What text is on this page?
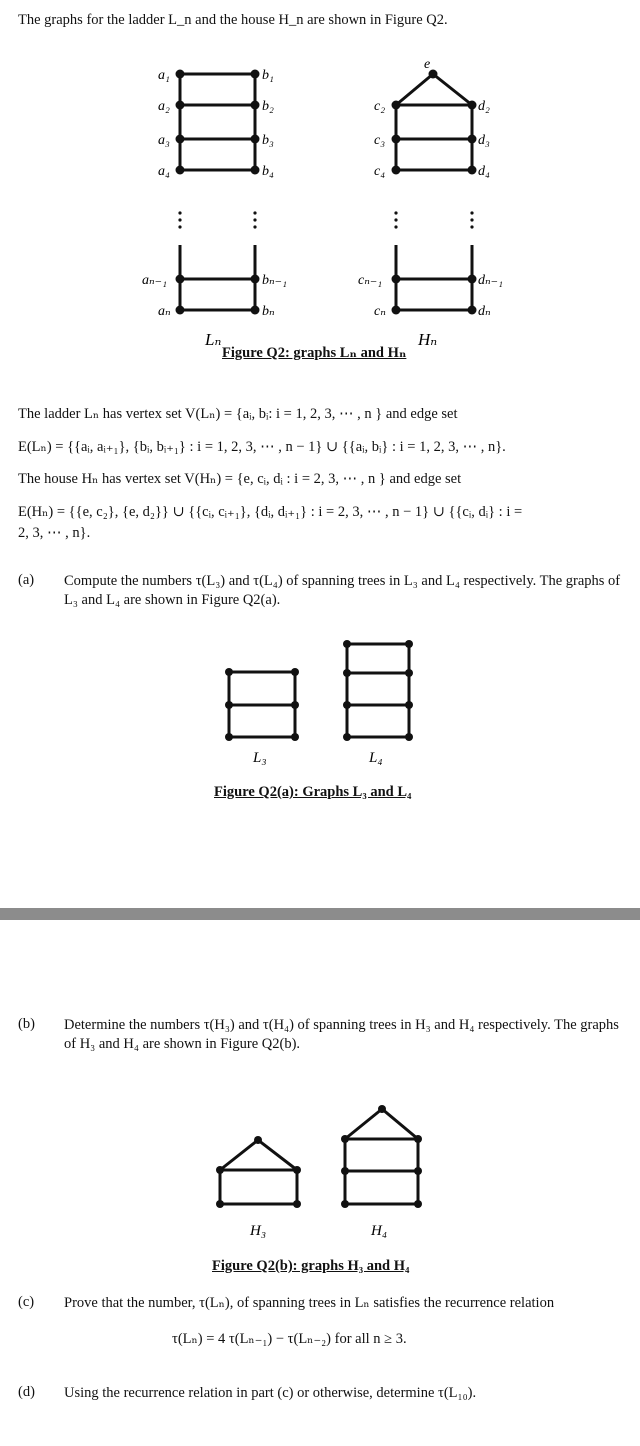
The graphs for the ladder L_n and the house H_n are shown in Figure Q2.
a₁
a₂
a₃
a₄
aₙ₋₁
aₙ
b₁
b₂
b₃
b₄
bₙ₋₁
bₙ
e
c₂
c₃
c₄
cₙ₋₁
cₙ
d₂
d₃
d₄
dₙ₋₁
dₙ
Lₙ	Hₙ
Figure Q2: graphs Lₙ and Hₙ
The ladder Lₙ has vertex set V(Lₙ) = {aᵢ, bᵢ: i = 1, 2, 3, ⋯ , n } and edge set
E(Lₙ) = {{aᵢ, aᵢ₊₁}, {bᵢ, bᵢ₊₁} : i = 1, 2, 3, ⋯ , n − 1} ∪ {{aᵢ, bᵢ} : i = 1, 2, 3, ⋯ , n}.
The house Hₙ has vertex set V(Hₙ) = {e, cᵢ, dᵢ : i = 2, 3, ⋯ , n } and edge set
E(Hₙ) = {{e, c₂}, {e, d₂}} ∪ {{cᵢ, cᵢ₊₁}, {dᵢ, dᵢ₊₁} : i = 2, 3, ⋯ , n − 1} ∪ {{cᵢ, dᵢ} : i =
2, 3, ⋯ , n}.
(a) Compute the numbers τ(L₃) and τ(L₄) of spanning trees in L₃ and L₄ respectively. The graphs of L₃ and L₄ are shown in Figure Q2(a).
L₃	L₄
Figure Q2(a): Graphs L₃ and L₄
(b) Determine the numbers τ(H₃) and τ(H₄) of spanning trees in H₃ and H₄ respectively. The graphs of H₃ and H₄ are shown in Figure Q2(b).
H₃	H₄
Figure Q2(b): graphs H₃ and H₄
(c) Prove that the number, τ(Lₙ), of spanning trees in Lₙ satisfies the recurrence relation
τ(Lₙ) = 4 τ(Lₙ₋₁) − τ(Lₙ₋₂) for all n ≥ 3.
(d) Using the recurrence relation in part (c) or otherwise, determine τ(L₁₀).
